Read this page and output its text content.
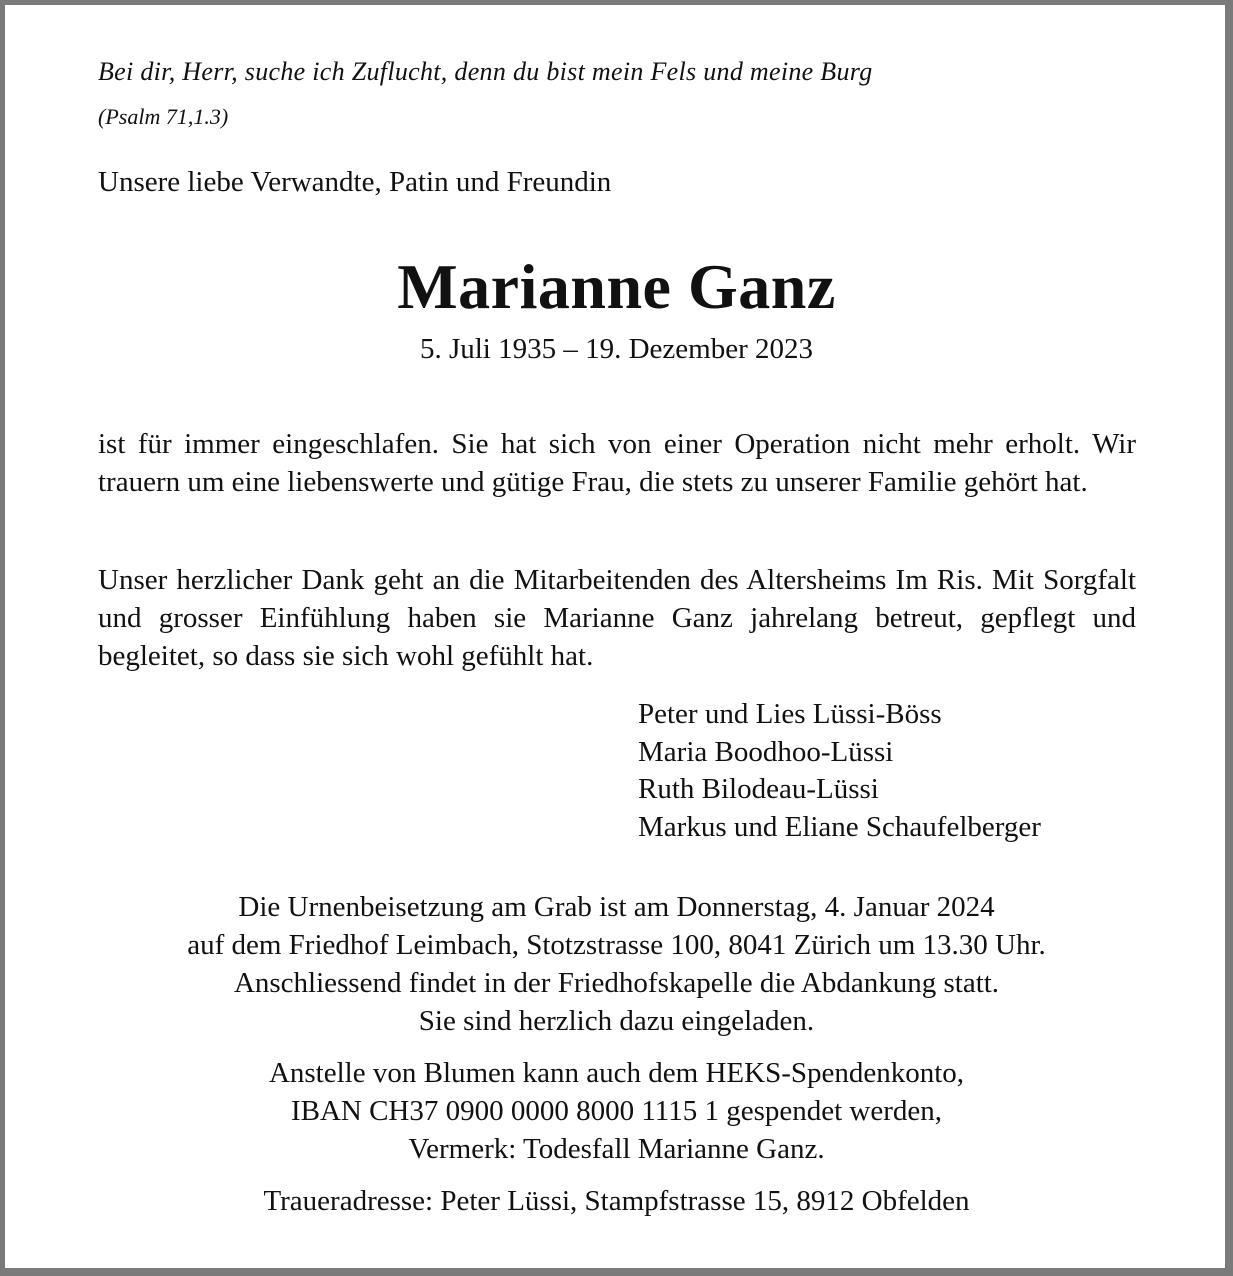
Bei dir, Herr, suche ich Zuflucht, denn du bist mein Fels und meine Burg
(Psalm 71,1.3)
Unsere liebe Verwandte, Patin und Freundin
Marianne Ganz
5. Juli 1935 – 19. Dezember 2023
ist für immer eingeschlafen. Sie hat sich von einer Operation nicht mehr erholt. Wir trauern um eine liebenswerte und gütige Frau, die stets zu unserer Familie gehört hat.
Unser herzlicher Dank geht an die Mitarbeitenden des Altersheims Im Ris. Mit Sorgfalt und grosser Einfühlung haben sie Marianne Ganz jahrelang betreut, gepflegt und begleitet, so dass sie sich wohl gefühlt hat.
Peter und Lies Lüssi-Böss
Maria Boodhoo-Lüssi
Ruth Bilodeau-Lüssi
Markus und Eliane Schaufelberger
Die Urnenbeisetzung am Grab ist am Donnerstag, 4. Januar 2024
auf dem Friedhof Leimbach, Stotzstrasse 100, 8041 Zürich um 13.30 Uhr.
Anschliessend findet in der Friedhofskapelle die Abdankung statt.
Sie sind herzlich dazu eingeladen.
Anstelle von Blumen kann auch dem HEKS-Spendenkonto,
IBAN CH37 0900 0000 8000 1115 1 gespendet werden,
Vermerk: Todesfall Marianne Ganz.
Traueradresse: Peter Lüssi, Stampfstrasse 15, 8912 Obfelden
